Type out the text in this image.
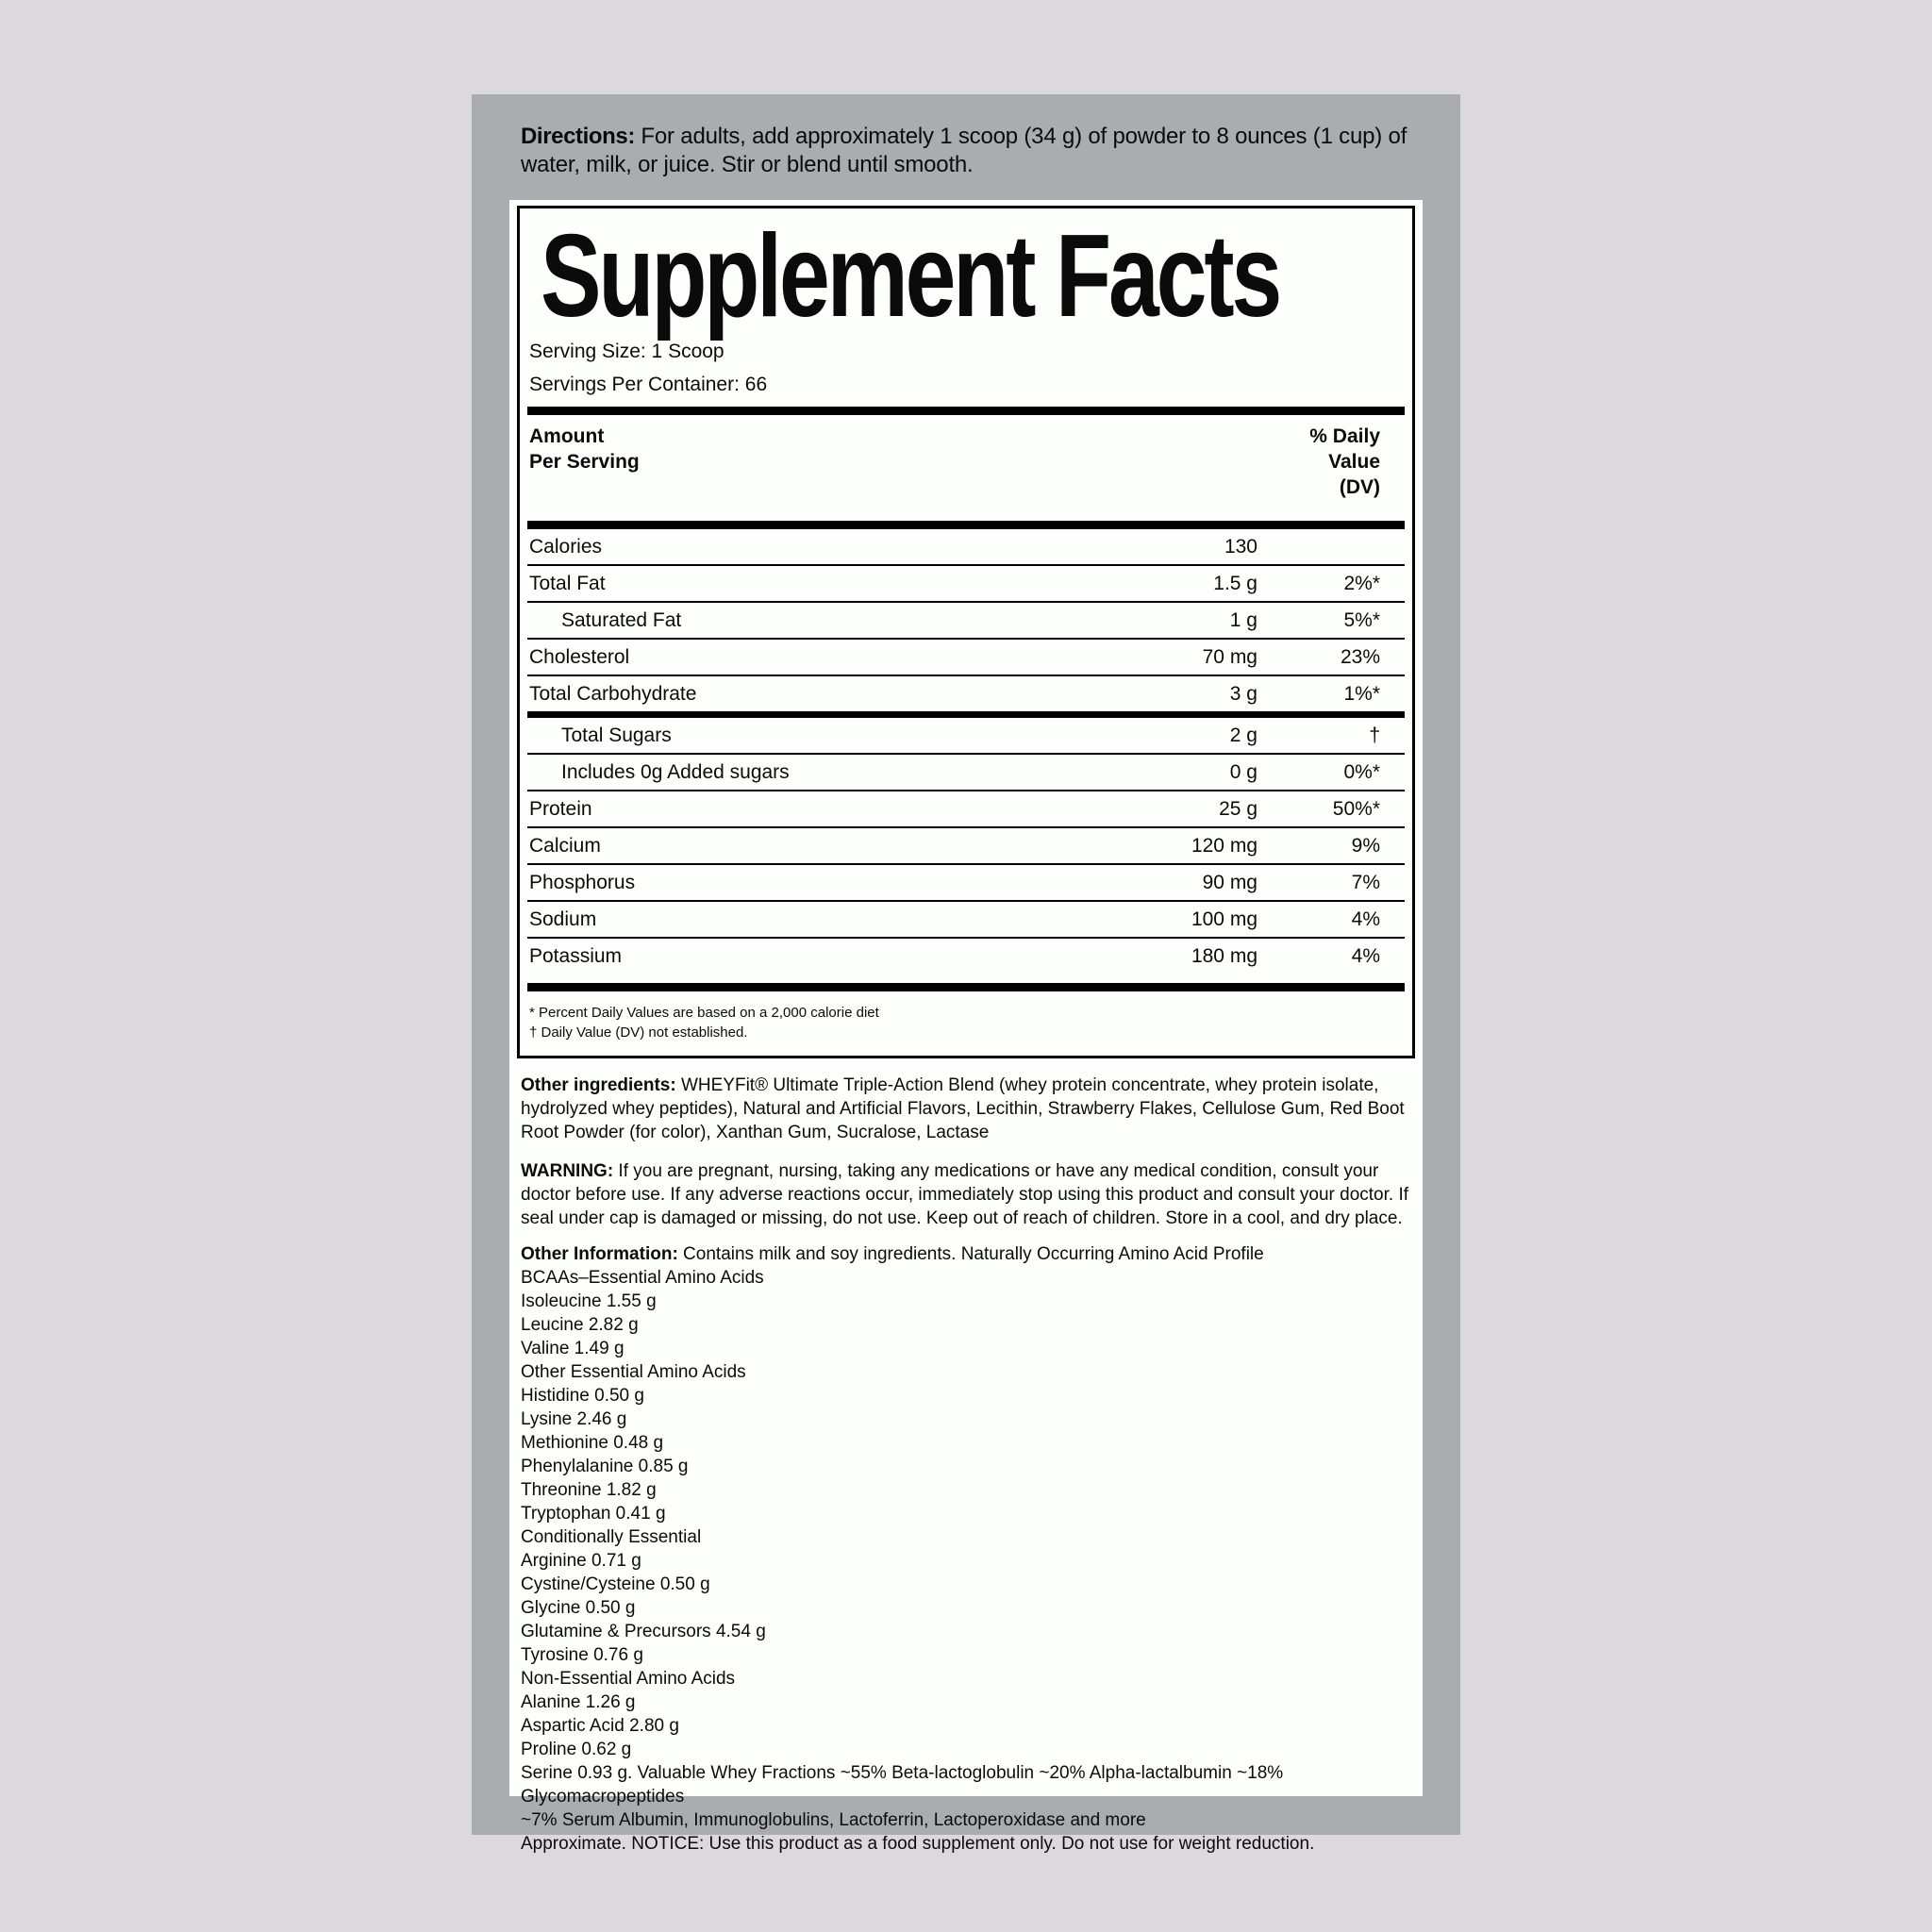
Directions: For adults, add approximately 1 scoop (34 g) of powder to 8 ounces (1 cup) of water, milk, or juice. Stir or blend until smooth.

Supplement Facts
Serving Size: 1 Scoop
Servings Per Container: 66
Amount
Per Serving
% Daily
Value
(DV)
Calories	130
Total Fat	1.5 g	2%*
Saturated Fat	1 g	5%*
Cholesterol	70 mg	23%
Total Carbohydrate	3 g	1%*
Total Sugars	2 g	†
Includes 0g Added sugars	0 g	0%*
Protein	25 g	50%*
Calcium	120 mg	9%
Phosphorus	90 mg	7%
Sodium	100 mg	4%
Potassium	180 mg	4%
* Percent Daily Values are based on a 2,000 calorie diet
† Daily Value (DV) not established.

Other ingredients: WHEYFit® Ultimate Triple-Action Blend (whey protein concentrate, whey protein isolate, hydrolyzed whey peptides), Natural and Artificial Flavors, Lecithin, Strawberry Flakes, Cellulose Gum, Red Boot Root Powder (for color), Xanthan Gum, Sucralose, Lactase

WARNING: If you are pregnant, nursing, taking any medications or have any medical condition, consult your doctor before use. If any adverse reactions occur, immediately stop using this product and consult your doctor. If seal under cap is damaged or missing, do not use. Keep out of reach of children. Store in a cool, and dry place.

Other Information: Contains milk and soy ingredients. Naturally Occurring Amino Acid Profile
BCAAs–Essential Amino Acids
Isoleucine 1.55 g
Leucine 2.82 g
Valine 1.49 g
Other Essential Amino Acids
Histidine 0.50 g
Lysine 2.46 g
Methionine 0.48 g
Phenylalanine 0.85 g
Threonine 1.82 g
Tryptophan 0.41 g
Conditionally Essential
Arginine 0.71 g
Cystine/Cysteine 0.50 g
Glycine 0.50 g
Glutamine & Precursors 4.54 g
Tyrosine 0.76 g
Non-Essential Amino Acids
Alanine 1.26 g
Aspartic Acid 2.80 g
Proline 0.62 g
Serine 0.93 g. Valuable Whey Fractions ~55% Beta-lactoglobulin ~20% Alpha-lactalbumin ~18% Glycomacropeptides
~7% Serum Albumin, Immunoglobulins, Lactoferrin, Lactoperoxidase and more
Approximate. NOTICE: Use this product as a food supplement only. Do not use for weight reduction.
